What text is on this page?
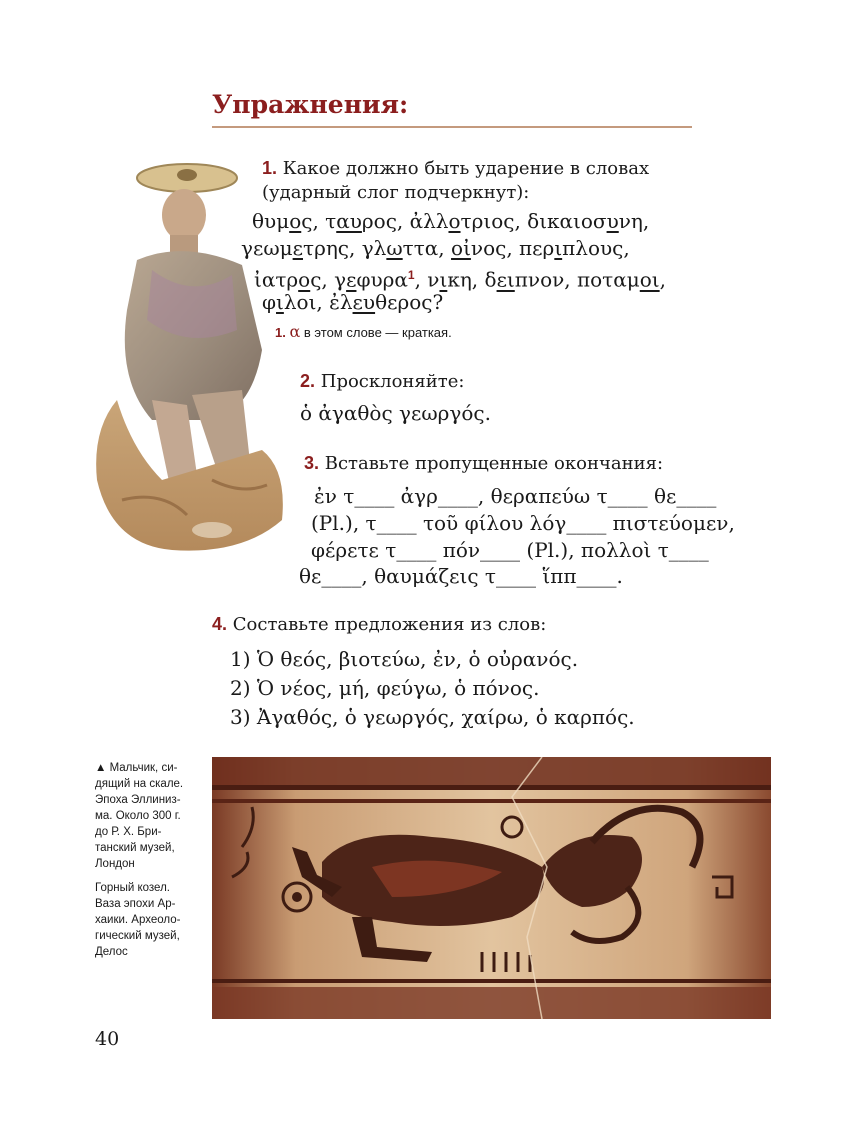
Упражнения:
1. Какое должно быть ударение в словах
(ударный слог подчеркнут):
θυμος, ταυρος, ἀλλοτριος, δικαιοσυνη,
γεωμετρης, γλωττα, οἰνος, περιπλους,
ἰατρος, γεφυρα$^1$, νικη, δειπνον, ποταμοι,
φιλοι, ἐλευθερος?
1. α в этом слове — краткая.
2. Просклоняйте:
ὁ ἀγαθὸς γεωργός.
3. Вставьте пропущенные окончания:
ἐν τ____ ἀγρ____, θεραπεύω τ____ θε____
(Pl.), τ____ τοῦ φίλου λόγ____ πιστεύομεν,
φέρετε τ____ πόν____ (Pl.), πολλοὶ τ____
θε____, θαυμάζεις τ____ ἵππ____.
4. Составьте предложения из слов:
1) Ὁ θεός, βιοτεύω, ἐν, ὁ οὐρανός.
2) Ὁ νέος, μή, φεύγω, ὁ πόνος.
3) Ἀγαθός, ὁ γεωργός, χαίρω, ὁ καρπός.
▲ Мальчик, си-
дящий на скале.
Эпоха Эллиниз-
ма. Около 300 г.
до Р. Х. Бри-
танский музей,
Лондон
Горный козел.
Ваза эпохи Ар-
хаики. Археоло-
гический музей,
Делос
40
